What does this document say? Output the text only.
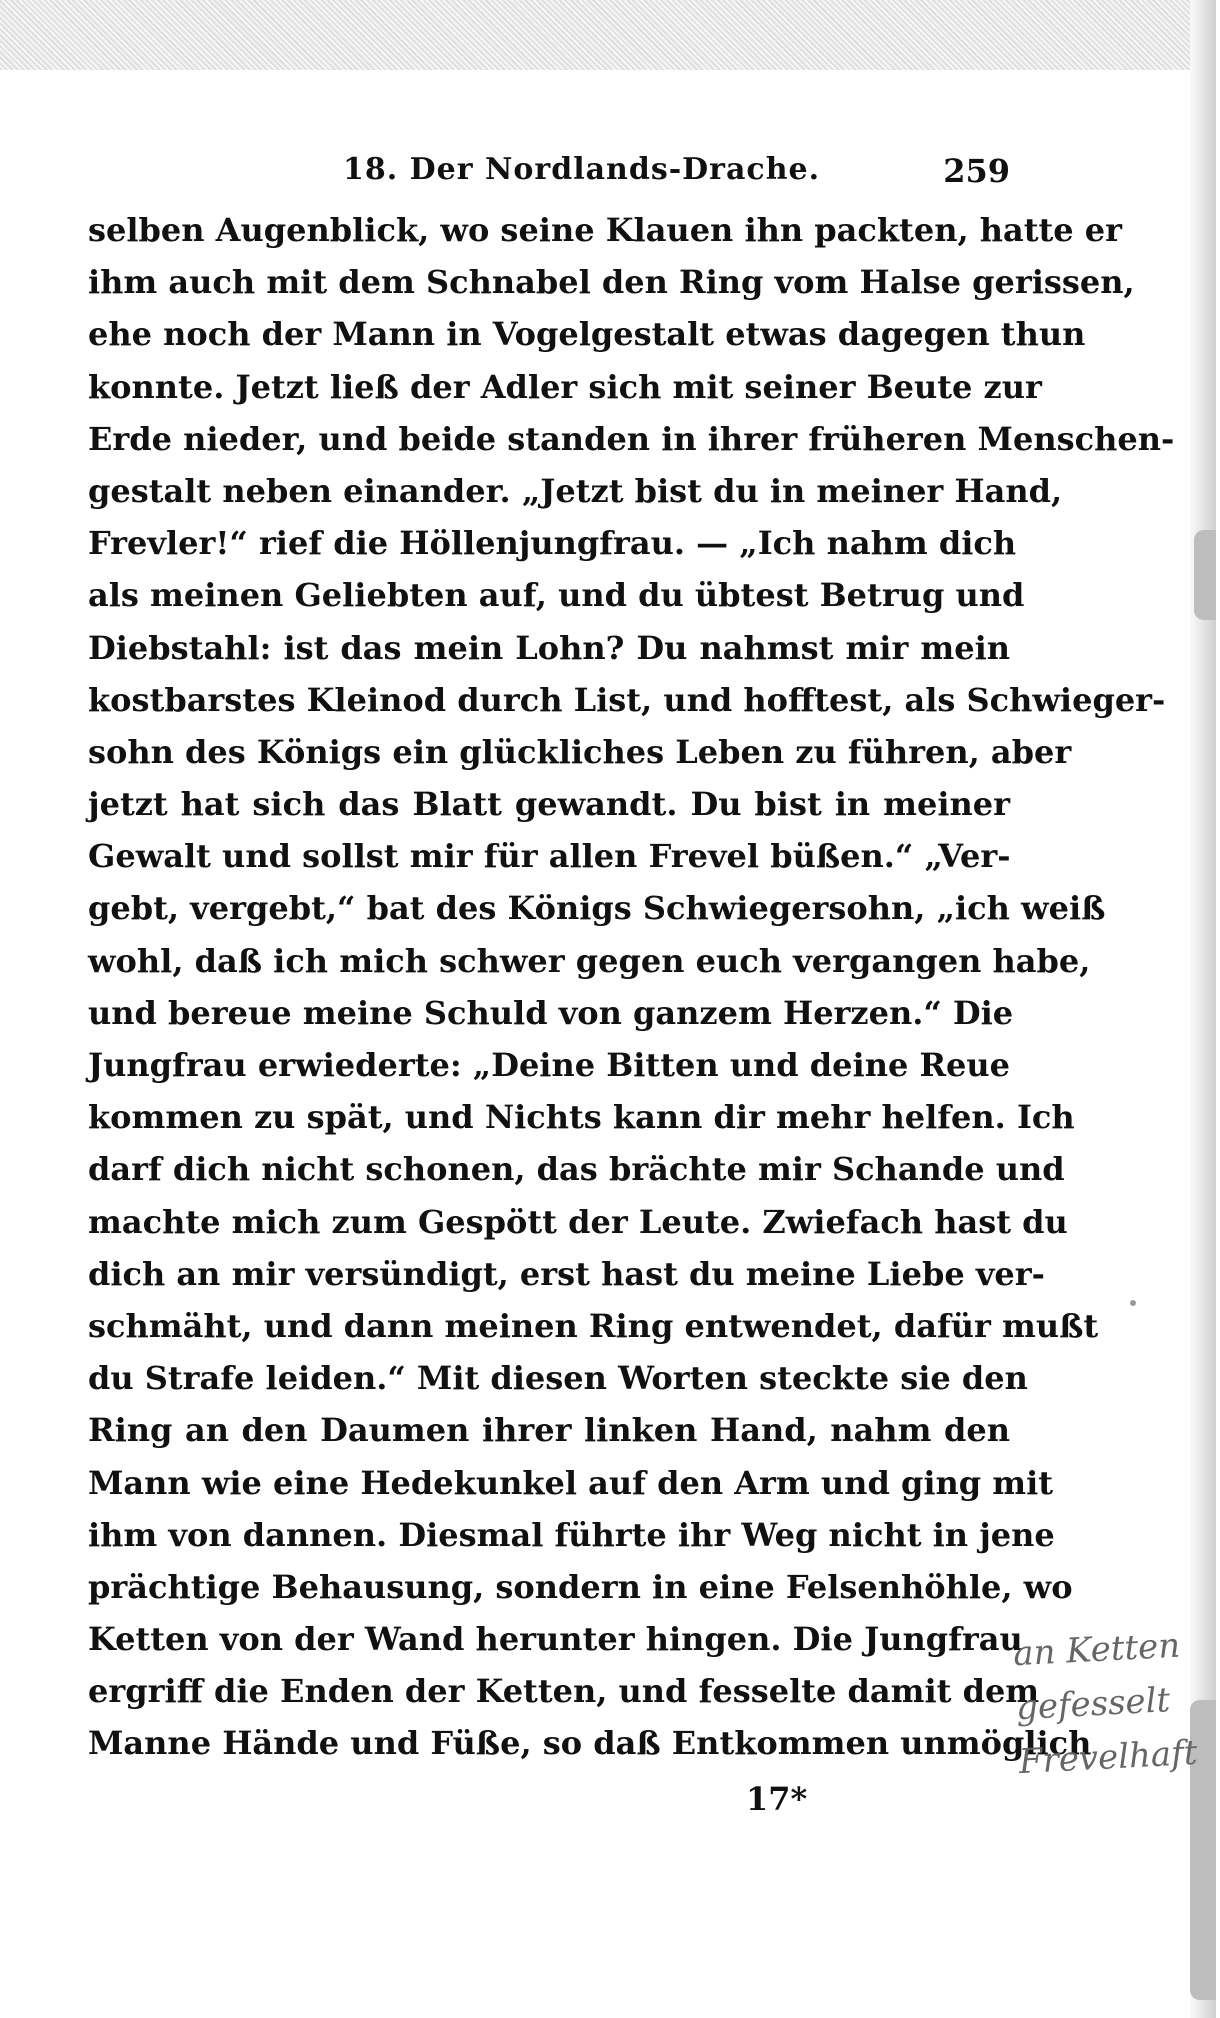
18. Der Nordlands-Drache.	259
selben Augenblick, wo seine Klauen ihn packten, hatte er
ihm auch mit dem Schnabel den Ring vom Halse gerissen,
ehe noch der Mann in Vogelgestalt etwas dagegen thun
konnte. Jetzt ließ der Adler sich mit seiner Beute zur
Erde nieder, und beide standen in ihrer früheren Menschen-
gestalt neben einander. „Jetzt bist du in meiner Hand,
Frevler!“ rief die Höllenjungfrau. — „Ich nahm dich
als meinen Geliebten auf, und du übtest Betrug und
Diebstahl: ist das mein Lohn? Du nahmst mir mein
kostbarstes Kleinod durch List, und hofftest, als Schwieger-
sohn des Königs ein glückliches Leben zu führen, aber
jetzt hat sich das Blatt gewandt. Du bist in meiner
Gewalt und sollst mir für allen Frevel büßen.“ „Ver-
gebt, vergebt,“ bat des Königs Schwiegersohn, „ich weiß
wohl, daß ich mich schwer gegen euch vergangen habe,
und bereue meine Schuld von ganzem Herzen.“ Die
Jungfrau erwiederte: „Deine Bitten und deine Reue
kommen zu spät, und Nichts kann dir mehr helfen. Ich
darf dich nicht schonen, das brächte mir Schande und
machte mich zum Gespött der Leute. Zwiefach hast du
dich an mir versündigt, erst hast du meine Liebe ver-
schmäht, und dann meinen Ring entwendet, dafür mußt
du Strafe leiden.“ Mit diesen Worten steckte sie den
Ring an den Daumen ihrer linken Hand, nahm den
Mann wie eine Hedekunkel auf den Arm und ging mit
ihm von dannen. Diesmal führte ihr Weg nicht in jene
prächtige Behausung, sondern in eine Felsenhöhle, wo
Ketten von der Wand herunter hingen. Die Jungfrau
ergriff die Enden der Ketten, und fesselte damit dem
Manne Hände und Füße, so daß Entkommen unmöglich
17*
an Ketten
gefesselt
Frevelhaft
